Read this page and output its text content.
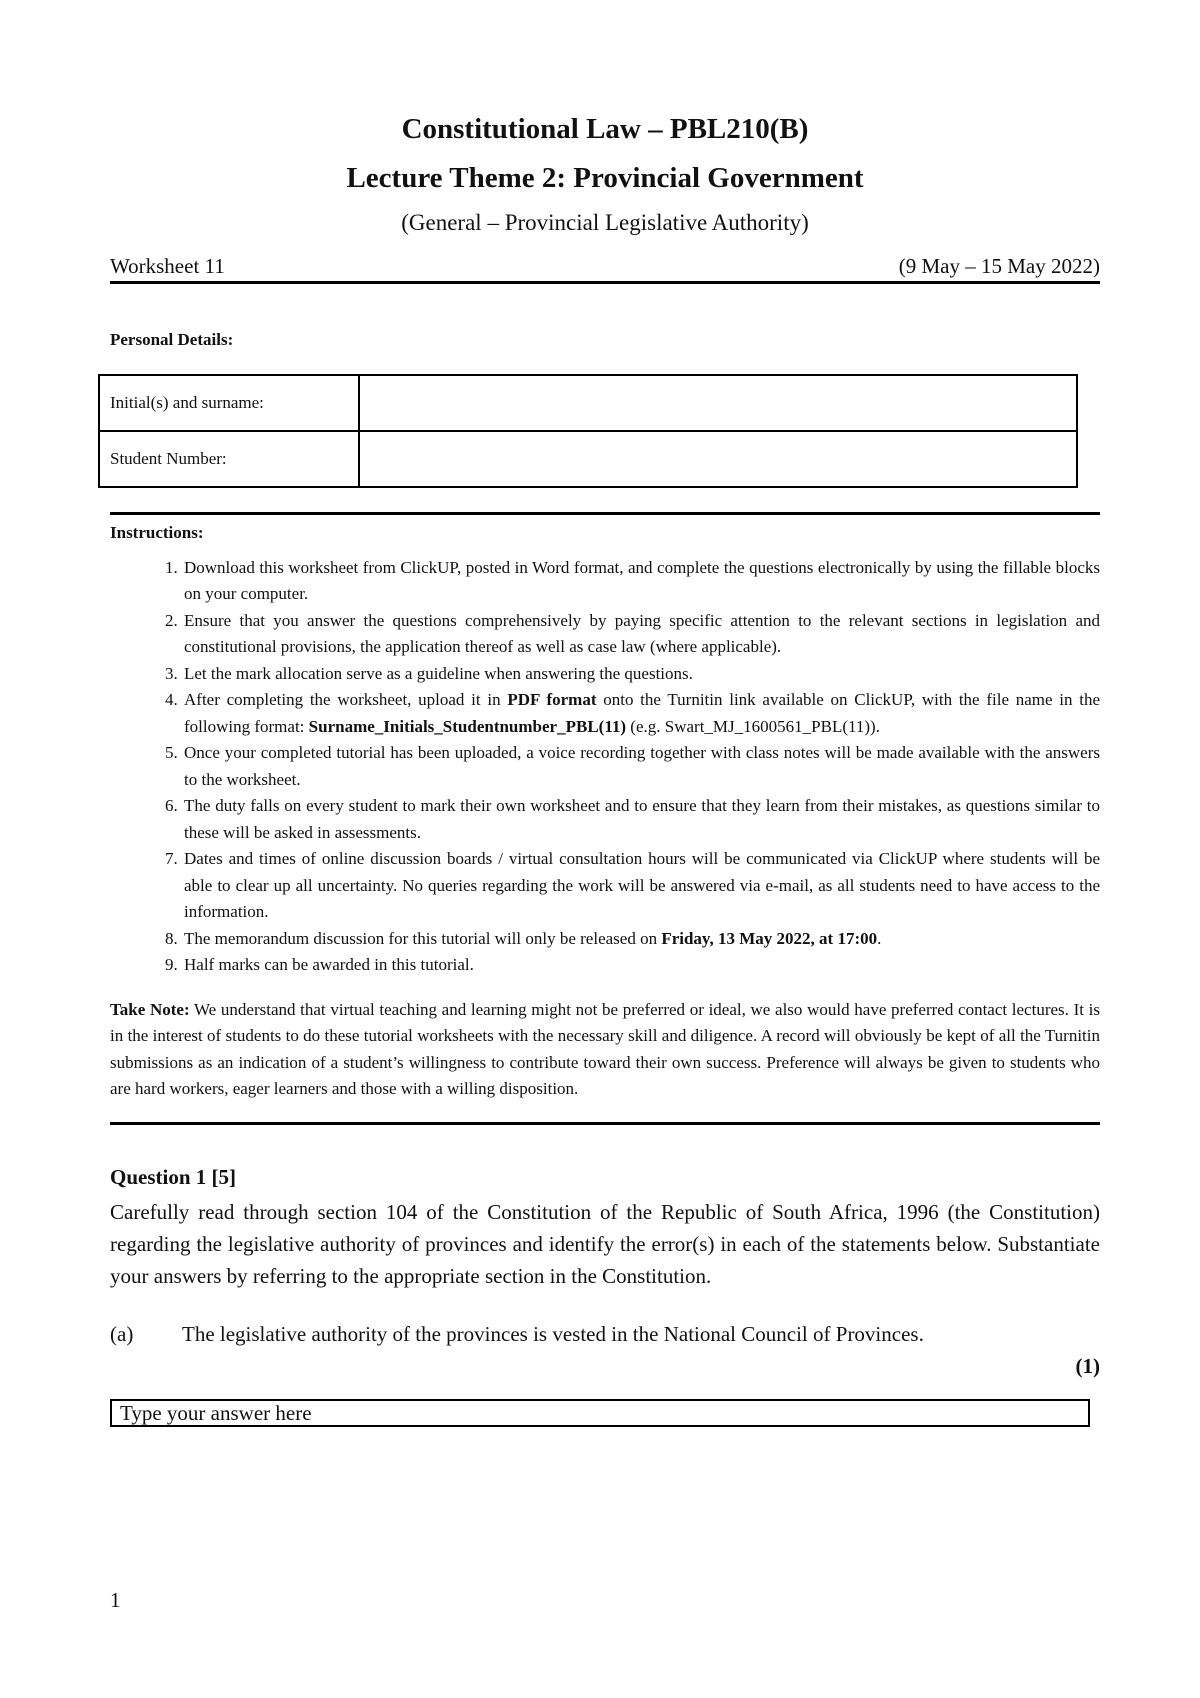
Constitutional Law – PBL210(B)
Lecture Theme 2: Provincial Government
(General – Provincial Legislative Authority)
Worksheet 11	(9 May – 15 May 2022)
Personal Details:
Initial(s) and surname:	
Student Number:	
Instructions:
1. Download this worksheet from ClickUP, posted in Word format, and complete the questions electronically by using the fillable blocks on your computer.
2. Ensure that you answer the questions comprehensively by paying specific attention to the relevant sections in legislation and constitutional provisions, the application thereof as well as case law (where applicable).
3. Let the mark allocation serve as a guideline when answering the questions.
4. After completing the worksheet, upload it in PDF format onto the Turnitin link available on ClickUP, with the file name in the following format: Surname_Initials_Studentnumber_PBL(11) (e.g. Swart_MJ_1600561_PBL(11)).
5. Once your completed tutorial has been uploaded, a voice recording together with class notes will be made available with the answers to the worksheet.
6. The duty falls on every student to mark their own worksheet and to ensure that they learn from their mistakes, as questions similar to these will be asked in assessments.
7. Dates and times of online discussion boards / virtual consultation hours will be communicated via ClickUP where students will be able to clear up all uncertainty. No queries regarding the work will be answered via e-mail, as all students need to have access to the information.
8. The memorandum discussion for this tutorial will only be released on Friday, 13 May 2022, at 17:00.
9. Half marks can be awarded in this tutorial.

Take Note: We understand that virtual teaching and learning might not be preferred or ideal, we also would have preferred contact lectures. It is in the interest of students to do these tutorial worksheets with the necessary skill and diligence. A record will obviously be kept of all the Turnitin submissions as an indication of a student’s willingness to contribute toward their own success. Preference will always be given to students who are hard workers, eager learners and those with a willing disposition.

Question 1 [5]

Carefully read through section 104 of the Constitution of the Republic of South Africa, 1996 (the Constitution) regarding the legislative authority of provinces and identify the error(s) in each of the statements below. Substantiate your answers by referring to the appropriate section in the Constitution.

(a)	The legislative authority of the provinces is vested in the National Council of Provinces.
(1)
Type your answer here
1
